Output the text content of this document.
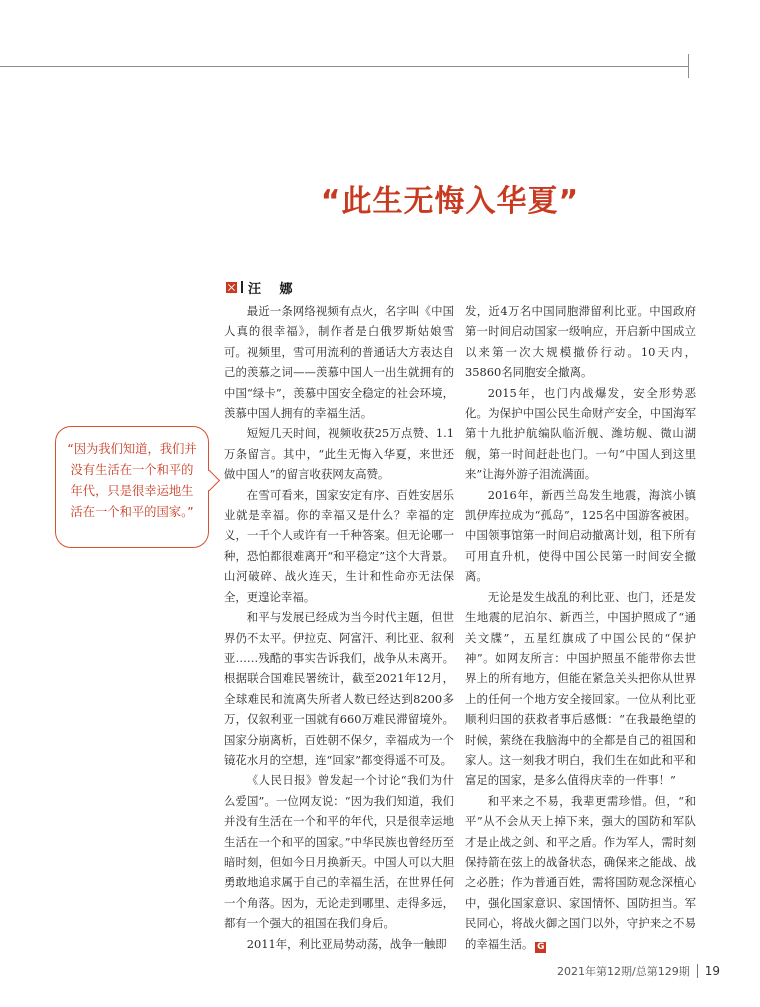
“此生无悔入华夏”
汪 娜
“因为我们知道，我们并没有生活在一个和平的年代，只是很幸运地生活在一个和平的国家。”

最近一条网络视频有点火，名字叫《中国人真的很幸福》，制作者是白俄罗斯姑娘雪可。视频里，雪可用流利的普通话大方表达自己的羡慕之词——羡慕中国人一出生就拥有的中国“绿卡”，羡慕中国安全稳定的社会环境，羡慕中国人拥有的幸福生活。

短短几天时间，视频收获25万点赞、1.1万条留言。其中，“此生无悔入华夏，来世还做中国人”的留言收获网友高赞。

在雪可看来，国家安定有序、百姓安居乐业就是幸福。你的幸福又是什么？幸福的定义，一千个人或许有一千种答案。但无论哪一种，恐怕都很难离开“和平稳定”这个大背景。山河破碎、战火连天，生计和性命亦无法保全，更遑论幸福。

和平与发展已经成为当今时代主题，但世界仍不太平。伊拉克、阿富汗、利比亚、叙利亚……残酷的事实告诉我们，战争从未离开。根据联合国难民署统计，截至2021年12月，全球难民和流离失所者人数已经达到8200多万，仅叙利亚一国就有660万难民滞留境外。国家分崩离析，百姓朝不保夕，幸福成为一个镜花水月的空想，连“回家”都变得遥不可及。

《人民日报》曾发起一个讨论“我们为什么爱国”。一位网友说：“因为我们知道，我们并没有生活在一个和平的年代，只是很幸运地生活在一个和平的国家。”中华民族也曾经历至暗时刻，但如今日月换新天。中国人可以大胆勇敢地追求属于自己的幸福生活，在世界任何一个角落。因为，无论走到哪里、走得多远，都有一个强大的祖国在我们身后。

2011年，利比亚局势动荡，战争一触即

发，近4万名中国同胞滞留利比亚。中国政府第一时间启动国家一级响应，开启新中国成立以来第一次大规模撤侨行动。10天内，35860名同胞安全撤离。

2015年，也门内战爆发，安全形势恶化。为保护中国公民生命财产安全，中国海军第十九批护航编队临沂舰、潍坊舰、微山湖舰，第一时间赶赴也门。一句“中国人到这里来”让海外游子泪流满面。

2016年，新西兰岛发生地震，海滨小镇凯伊库拉成为“孤岛”，125名中国游客被困。中国领事馆第一时间启动撤离计划，租下所有可用直升机，使得中国公民第一时间安全撤离。

无论是发生战乱的利比亚、也门，还是发生地震的尼泊尔、新西兰，中国护照成了“通关文牒”，五星红旗成了中国公民的“保护神”。如网友所言：中国护照虽不能带你去世界上的所有地方，但能在紧急关头把你从世界上的任何一个地方安全接回家。一位从利比亚顺利归国的获救者事后感慨：“在我最绝望的时候，萦绕在我脑海中的全都是自己的祖国和家人。这一刻我才明白，我们生在如此和平和富足的国家，是多么值得庆幸的一件事！”

和平来之不易，我辈更需珍惜。但，“和平”从不会从天上掉下来，强大的国防和军队才是止战之剑、和平之盾。作为军人，需时刻保持箭在弦上的战备状态，确保来之能战、战之必胜；作为普通百姓，需将国防观念深植心中，强化国家意识、家国情怀、国防担当。军民同心，将战火御之国门以外，守护来之不易的幸福生活。 G

2021年第12期/总第129期 19
